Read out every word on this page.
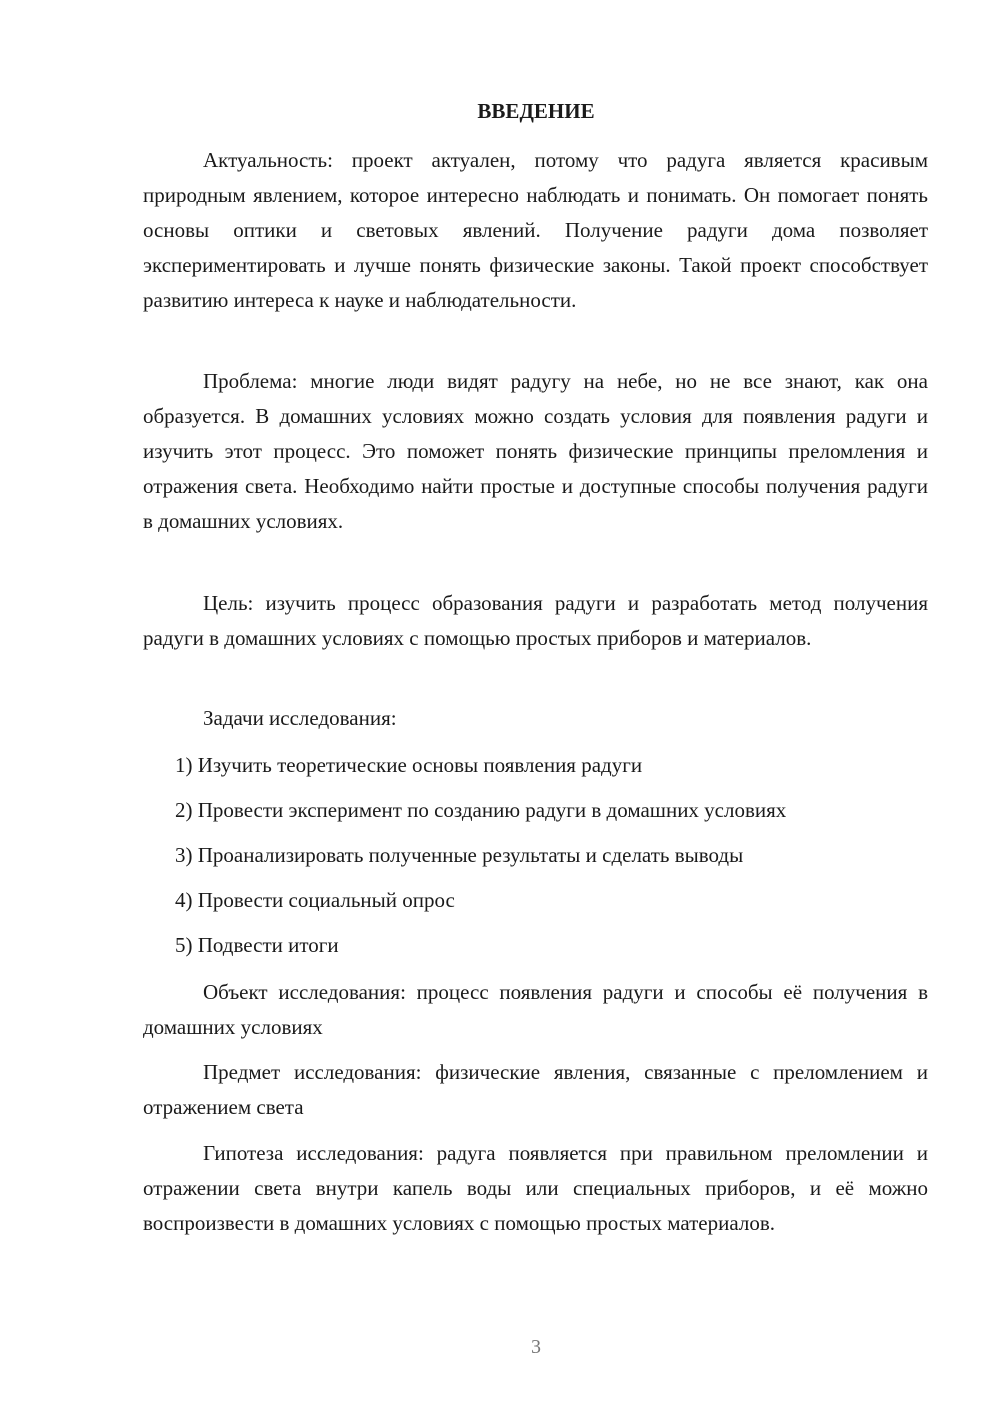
ВВЕДЕНИЕ

Актуальность: проект актуален, потому что радуга является красивым природным явлением, которое интересно наблюдать и понимать. Он помогает понять основы оптики и световых явлений. Получение радуги дома позволяет экспериментировать и лучше понять физические законы. Такой проект способствует развитию интереса к науке и наблюдательности.

Проблема: многие люди видят радугу на небе, но не все знают, как она образуется. В домашних условиях можно создать условия для появления радуги и изучить этот процесс. Это поможет понять физические принципы преломления и отражения света. Необходимо найти простые и доступные способы получения радуги в домашних условиях.

Цель: изучить процесс образования радуги и разработать метод получения радуги в домашних условиях с помощью простых приборов и материалов.

Задачи исследования:

1) Изучить теоретические основы появления радуги
2) Провести эксперимент по созданию радуги в домашних условиях
3) Проанализировать полученные результаты и сделать выводы
4) Провести социальный опрос
5) Подвести итоги

Объект исследования: процесс появления радуги и способы её получения в домашних условиях

Предмет исследования: физические явления, связанные с преломлением и отражением света

Гипотеза исследования: радуга появляется при правильном преломлении и отражении света внутри капель воды или специальных приборов, и её можно воспроизвести в домашних условиях с помощью простых материалов.

3
